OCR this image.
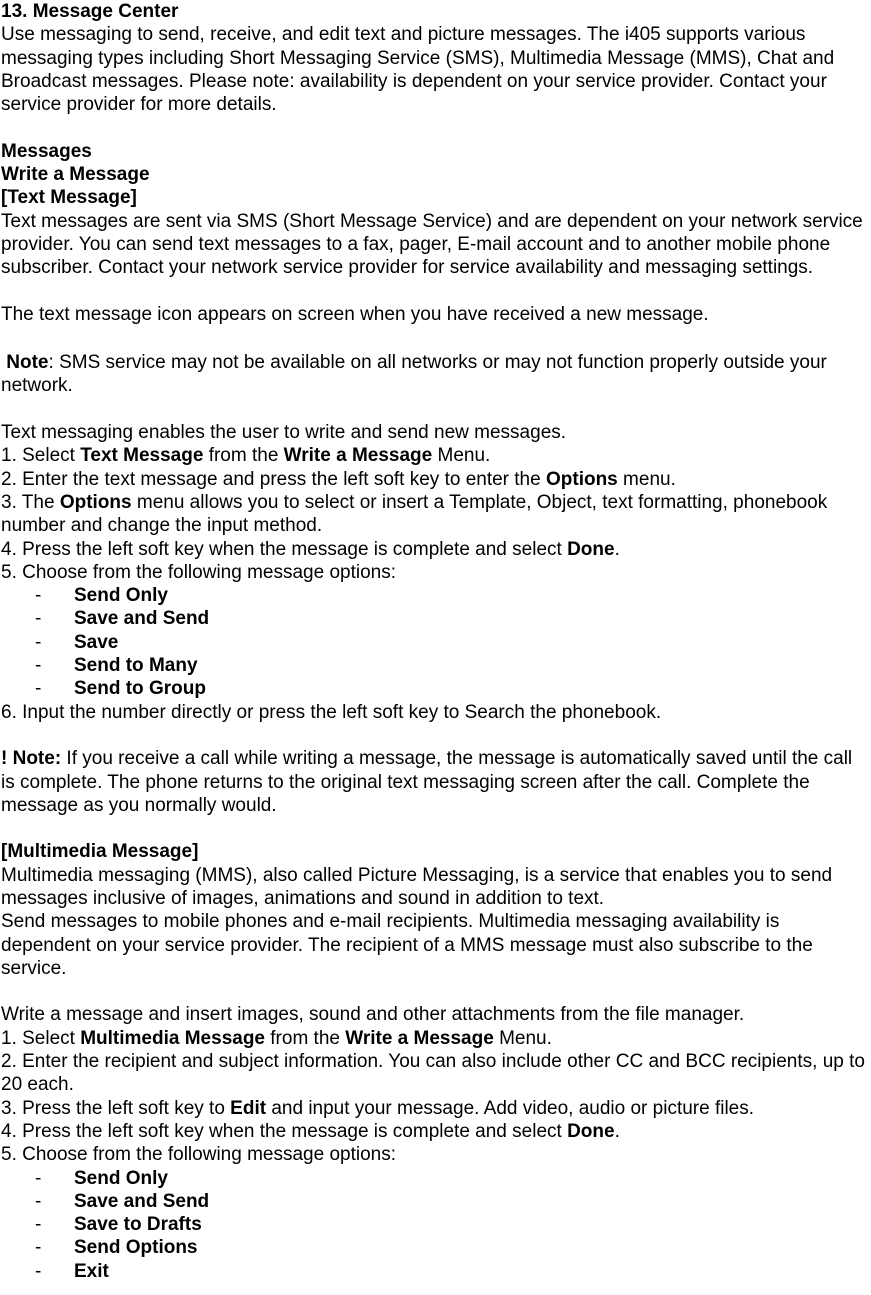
13. Message Center

Use messaging to send, receive, and edit text and picture messages. The i405 supports various messaging types including Short Messaging Service (SMS), Multimedia Message (MMS), Chat and Broadcast messages. Please note: availability is dependent on your service provider. Contact your service provider for more details.

Messages

Write a Message

[Text Message]

Text messages are sent via SMS (Short Message Service) and are dependent on your network service provider. You can send text messages to a fax, pager, E-mail account and to another mobile phone subscriber. Contact your network service provider for service availability and messaging settings.

The text message icon appears on screen when you have received a new message.

Note: SMS service may not be available on all networks or may not function properly outside your network.

Text messaging enables the user to write and send new messages.

1. Select Text Message from the Write a Message Menu.

2. Enter the text message and press the left soft key to enter the Options menu.

3. The Options menu allows you to select or insert a Template, Object, text formatting, phonebook number and change the input method.

4. Press the left soft key when the message is complete and select Done.

5. Choose from the following message options:

- Send Only

- Save and Send

- Save

- Send to Many

- Send to Group

6. Input the number directly or press the left soft key to Search the phonebook.

! Note: If you receive a call while writing a message, the message is automatically saved until the call is complete. The phone returns to the original text messaging screen after the call. Complete the message as you normally would.

[Multimedia Message]

Multimedia messaging (MMS), also called Picture Messaging, is a service that enables you to send messages inclusive of images, animations and sound in addition to text.

Send messages to mobile phones and e-mail recipients. Multimedia messaging availability is dependent on your service provider. The recipient of a MMS message must also subscribe to the service.

Write a message and insert images, sound and other attachments from the file manager.

1. Select Multimedia Message from the Write a Message Menu.

2. Enter the recipient and subject information. You can also include other CC and BCC recipients, up to 20 each.

3. Press the left soft key to Edit and input your message. Add video, audio or picture files.

4. Press the left soft key when the message is complete and select Done.

5. Choose from the following message options:

- Send Only

- Save and Send

- Save to Drafts

- Send Options

- Exit
